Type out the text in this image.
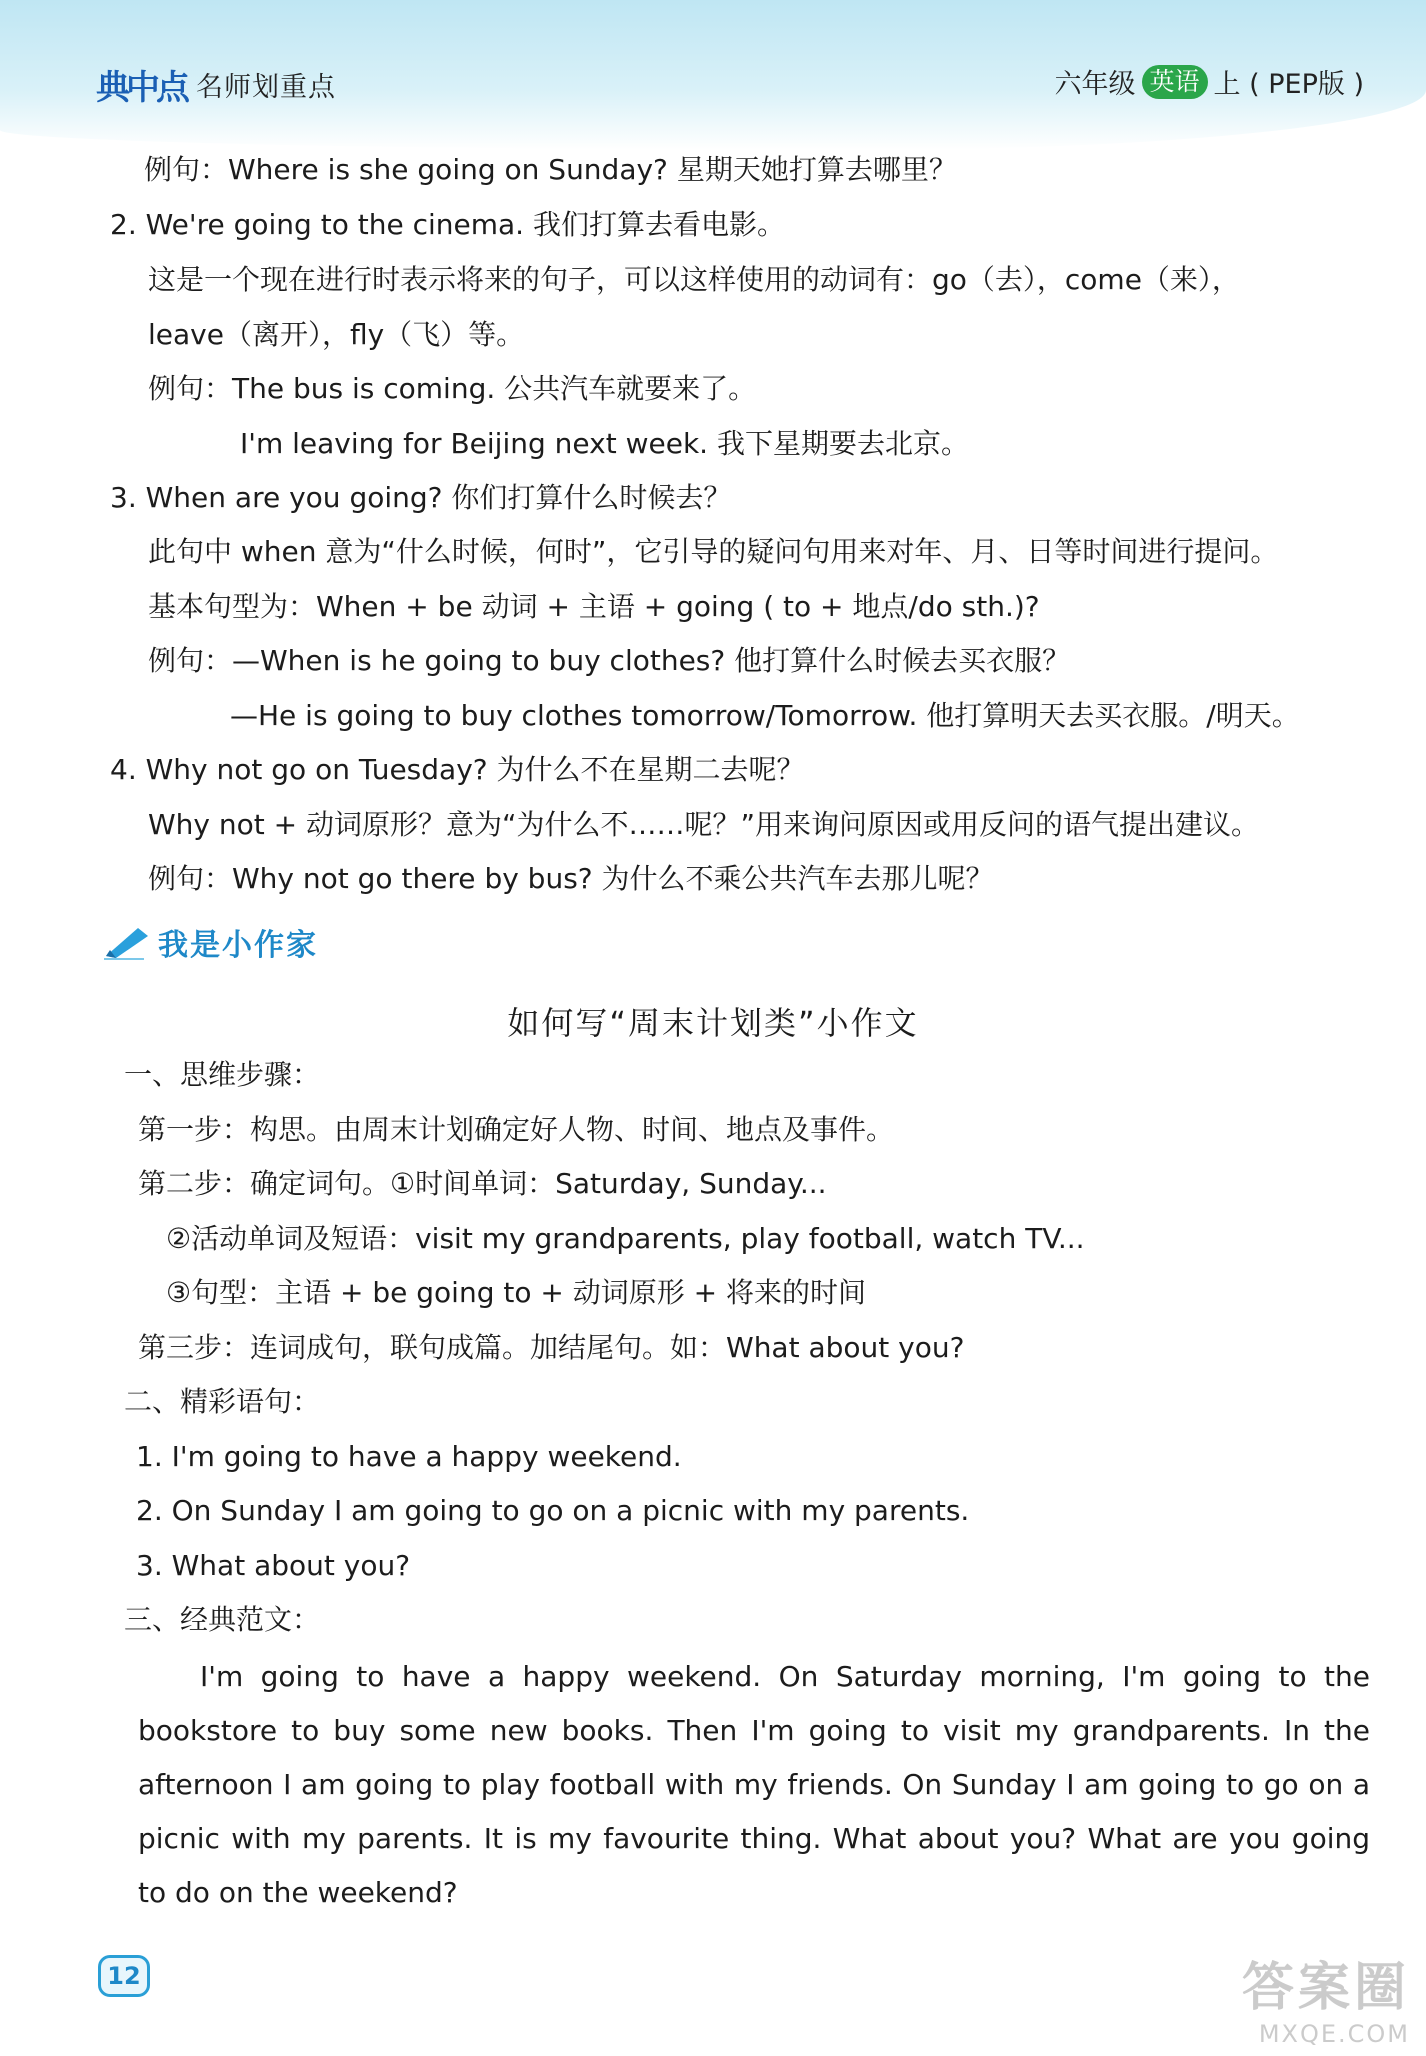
典中点 名师划重点	六年级 英语 上 ( PEP版 )
例句：Where is she going on Sunday? 星期天她打算去哪里？
2. We're going to the cinema. 我们打算去看电影。
这是一个现在进行时表示将来的句子，可以这样使用的动词有：go（去），come（来），
leave（离开），fly（飞）等。
例句：The bus is coming. 公共汽车就要来了。
I'm leaving for Beijing next week. 我下星期要去北京。
3. When are you going? 你们打算什么时候去？
此句中 when 意为“什么时候，何时”，它引导的疑问句用来对年、月、日等时间进行提问。
基本句型为：When + be 动词 + 主语 + going ( to + 地点/do sth.)?
例句：—When is he going to buy clothes? 他打算什么时候去买衣服？
—He is going to buy clothes tomorrow/Tomorrow. 他打算明天去买衣服。/明天。
4. Why not go on Tuesday? 为什么不在星期二去呢？
Why not + 动词原形？意为“为什么不……呢？”用来询问原因或用反问的语气提出建议。
例句：Why not go there by bus? 为什么不乘公共汽车去那儿呢？
我是小作家
如何写“周末计划类”小作文
一、思维步骤：
第一步：构思。由周末计划确定好人物、时间、地点及事件。
第二步：确定词句。①时间单词：Saturday, Sunday...
②活动单词及短语：visit my grandparents, play football, watch TV...
③句型：主语 + be going to + 动词原形 + 将来的时间
第三步：连词成句，联句成篇。加结尾句。如：What about you?
二、精彩语句：
1. I'm going to have a happy weekend.
2. On Sunday I am going to go on a picnic with my parents.
3. What about you?
三、经典范文：
I'm going to have a happy weekend. On Saturday morning, I'm going to the bookstore to buy some new books. Then I'm going to visit my grandparents. In the afternoon I am going to play football with my friends. On Sunday I am going to go on a picnic with my parents. It is my favourite thing. What about you? What are you going to do on the weekend?
12	答案圈
MXQE.COM
